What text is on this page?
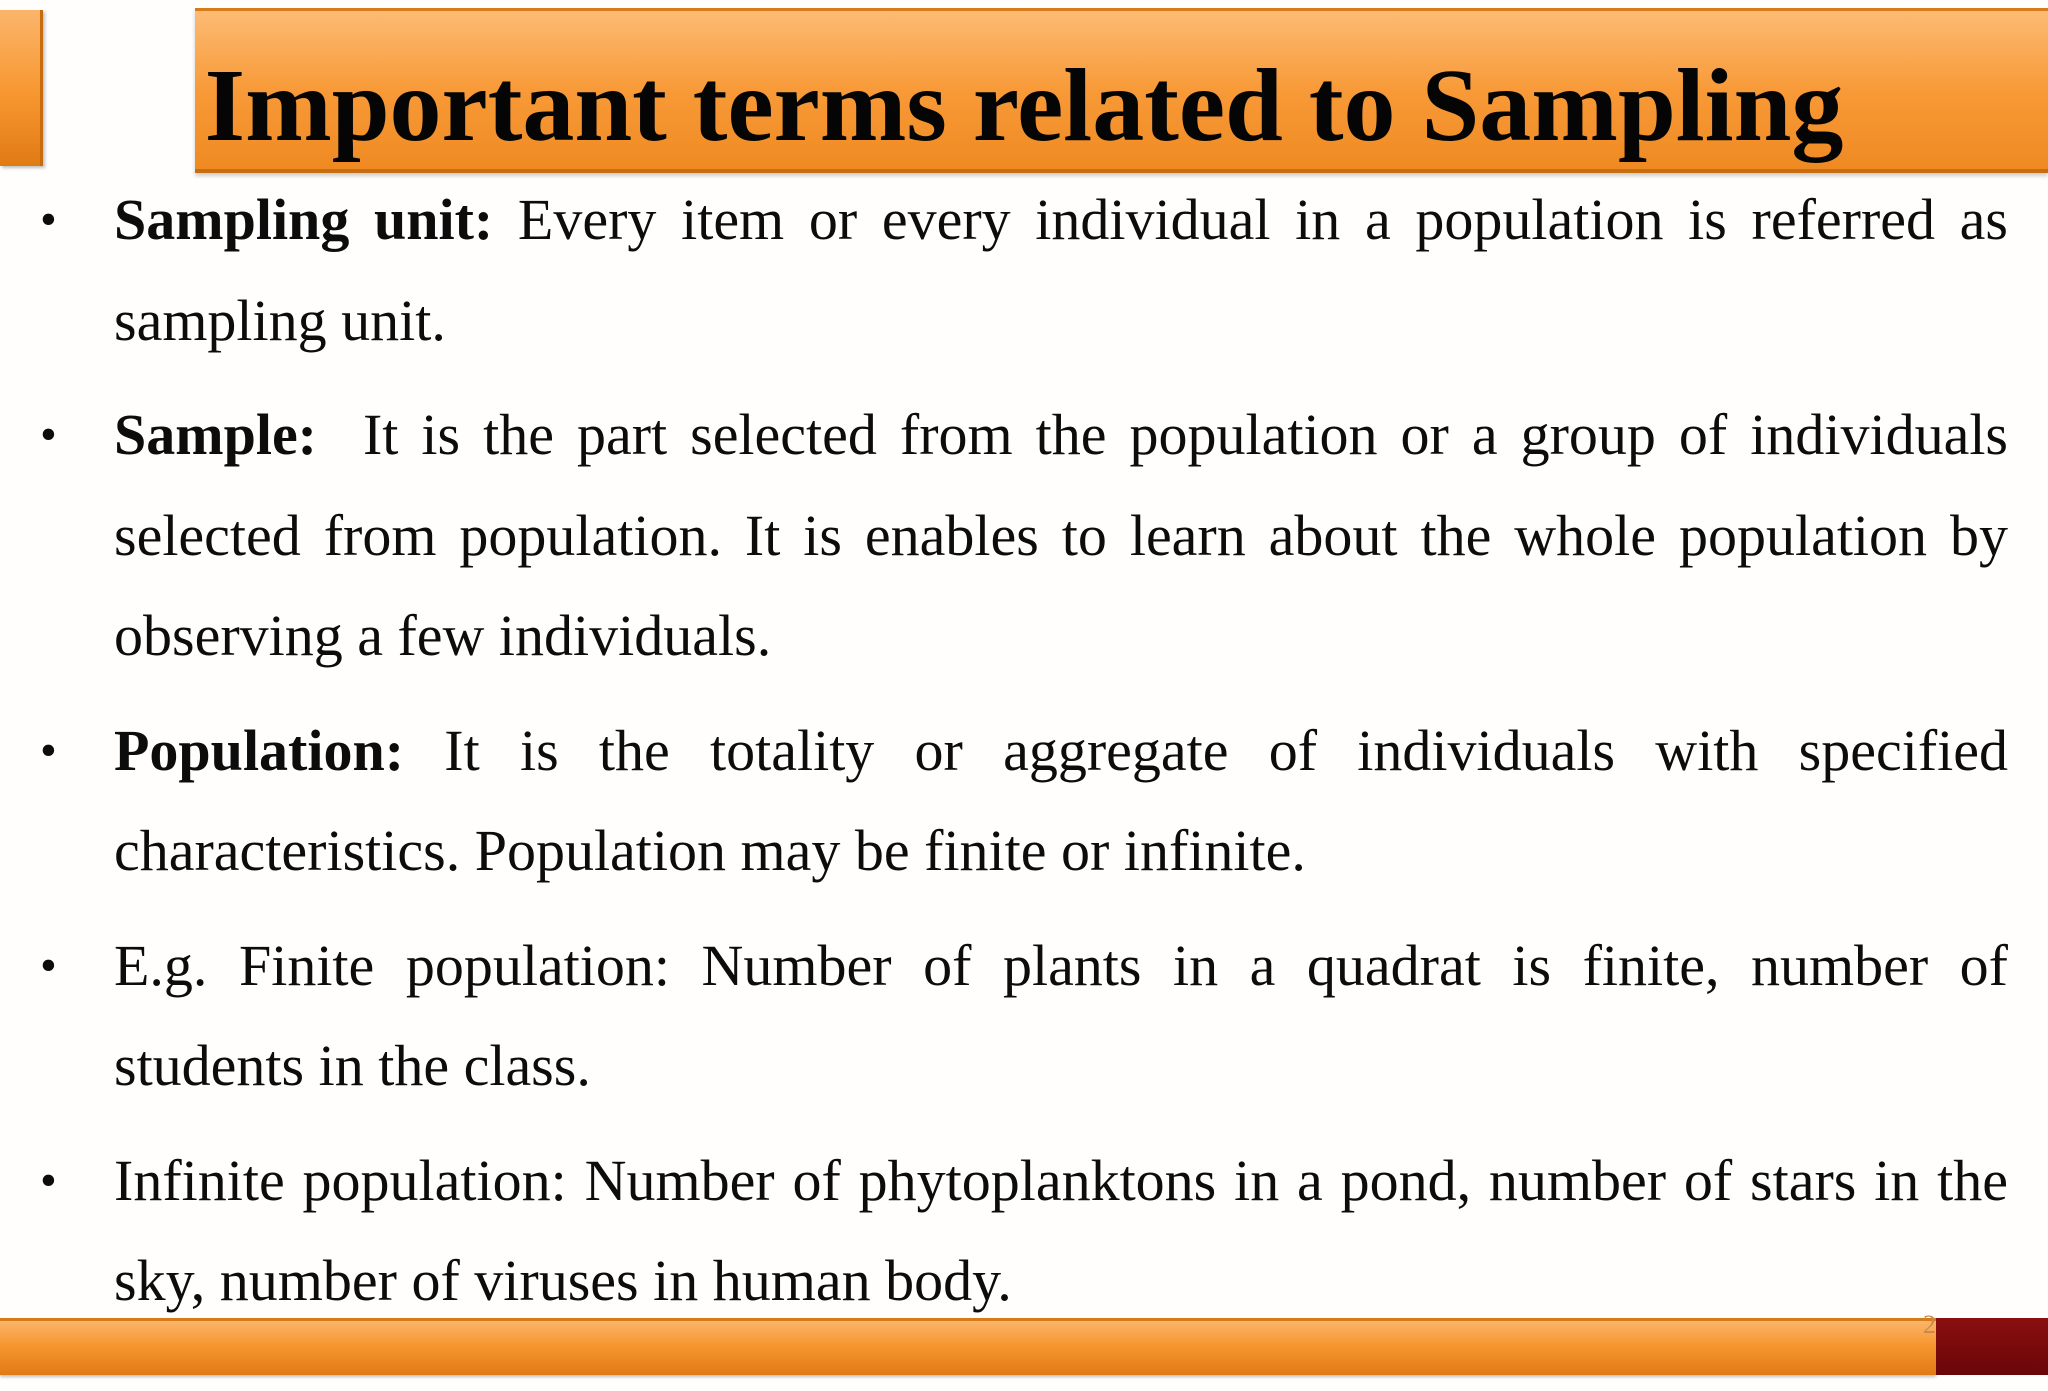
Important terms related to Sampling
• Sampling unit: Every item or every individual in a population is referred as sampling unit.
• Sample:  It is the part selected from the population or a group of individuals selected from population. It is enables to learn about the whole population by observing a few individuals.
• Population: It is the totality or aggregate of individuals with specified characteristics. Population may be finite or infinite.
• E.g. Finite population: Number of plants in a quadrat is finite, number of students in the class.
• Infinite population: Number of phytoplanktons in a pond, number of stars in the sky, number of viruses in human body.
2
